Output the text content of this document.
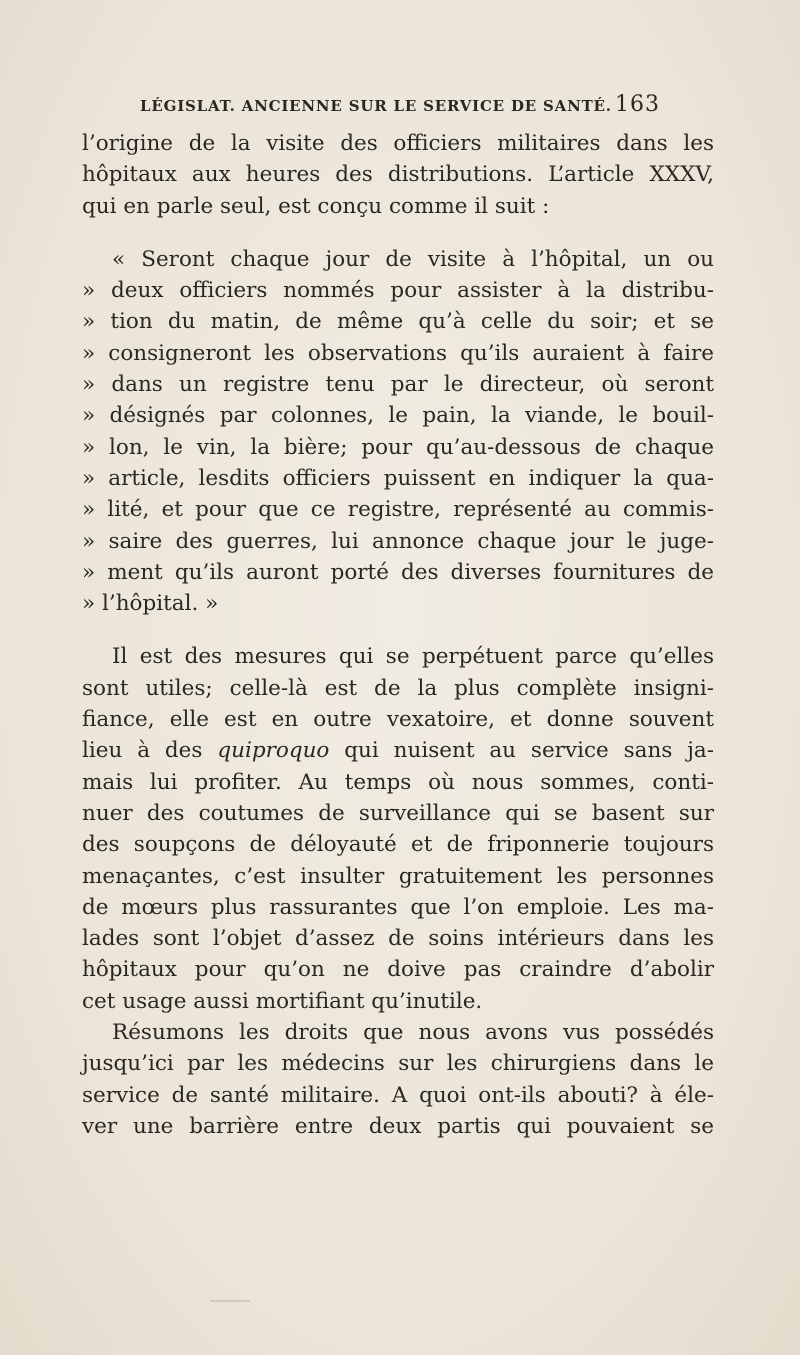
LÉGISLAT. ANCIENNE SUR LE SERVICE DE SANTÉ. 163
l’origine de la visite des officiers militaires dans les
hôpitaux aux heures des distributions. L’article XXXV,
qui en parle seul, est conçu comme il suit :
« Seront chaque jour de visite à l’hôpital, un ou
» deux officiers nommés pour assister à la distribu-
» tion du matin, de même qu’à celle du soir; et se
» consigneront les observations qu’ils auraient à faire
» dans un registre tenu par le directeur, où seront
» désignés par colonnes, le pain, la viande, le bouil-
» lon, le vin, la bière; pour qu’au-dessous de chaque
» article, lesdits officiers puissent en indiquer la qua-
» lité, et pour que ce registre, représenté au commis-
» saire des guerres, lui annonce chaque jour le juge-
» ment qu’ils auront porté des diverses fournitures de
» l’hôpital. »
Il est des mesures qui se perpétuent parce qu’elles
sont utiles; celle-là est de la plus complète insigni-
fiance, elle est en outre vexatoire, et donne souvent
lieu à des quiproquo qui nuisent au service sans ja-
mais lui profiter. Au temps où nous sommes, conti-
nuer des coutumes de surveillance qui se basent sur
des soupçons de déloyauté et de friponnerie toujours
menaçantes, c’est insulter gratuitement les personnes
de mœurs plus rassurantes que l’on emploie. Les ma-
lades sont l’objet d’assez de soins intérieurs dans les
hôpitaux pour qu’on ne doive pas craindre d’abolir
cet usage aussi mortifiant qu’inutile.
Résumons les droits que nous avons vus possédés
jusqu’ici par les médecins sur les chirurgiens dans le
service de santé militaire. A quoi ont-ils abouti? à éle-
ver une barrière entre deux partis qui pouvaient se
